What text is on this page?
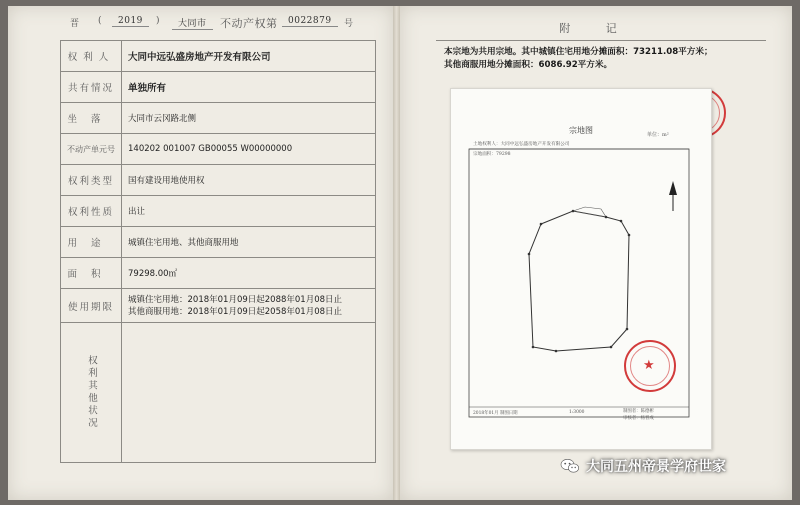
晋 (	2019	)	大同市	不动产权第	0022879	号
权利人	大同中远弘盛房地产开发有限公司
共有情况	单独所有
坐落	大同市云冈路北侧
不动产单元号	140202 001007 GB00055 W00000000
权利类型	国有建设用地使用权
权利性质	出让
用途	城镇住宅用地、其他商服用地
面积	79298.00㎡
使用期限	城镇住宅用地：2018年01月09日起2088年01月08日止
其他商服用地：2018年01月09日起2058年01月08日止

权利其他状况	

附 记
本宗地为共用宗地。其中城镇住宅用地分摊面积：73211.08平方米；
其他商服用地分摊面积：6086.92平方米。
宗地图	单位：m²
土地权利人：大同中远弘盛房地产开发有限公司
宗地面积：79298
2018年01月 制图日期	1:3000	制图者：陈德彬
审核者：杨晋成
★
大同五州帝景学府世家
